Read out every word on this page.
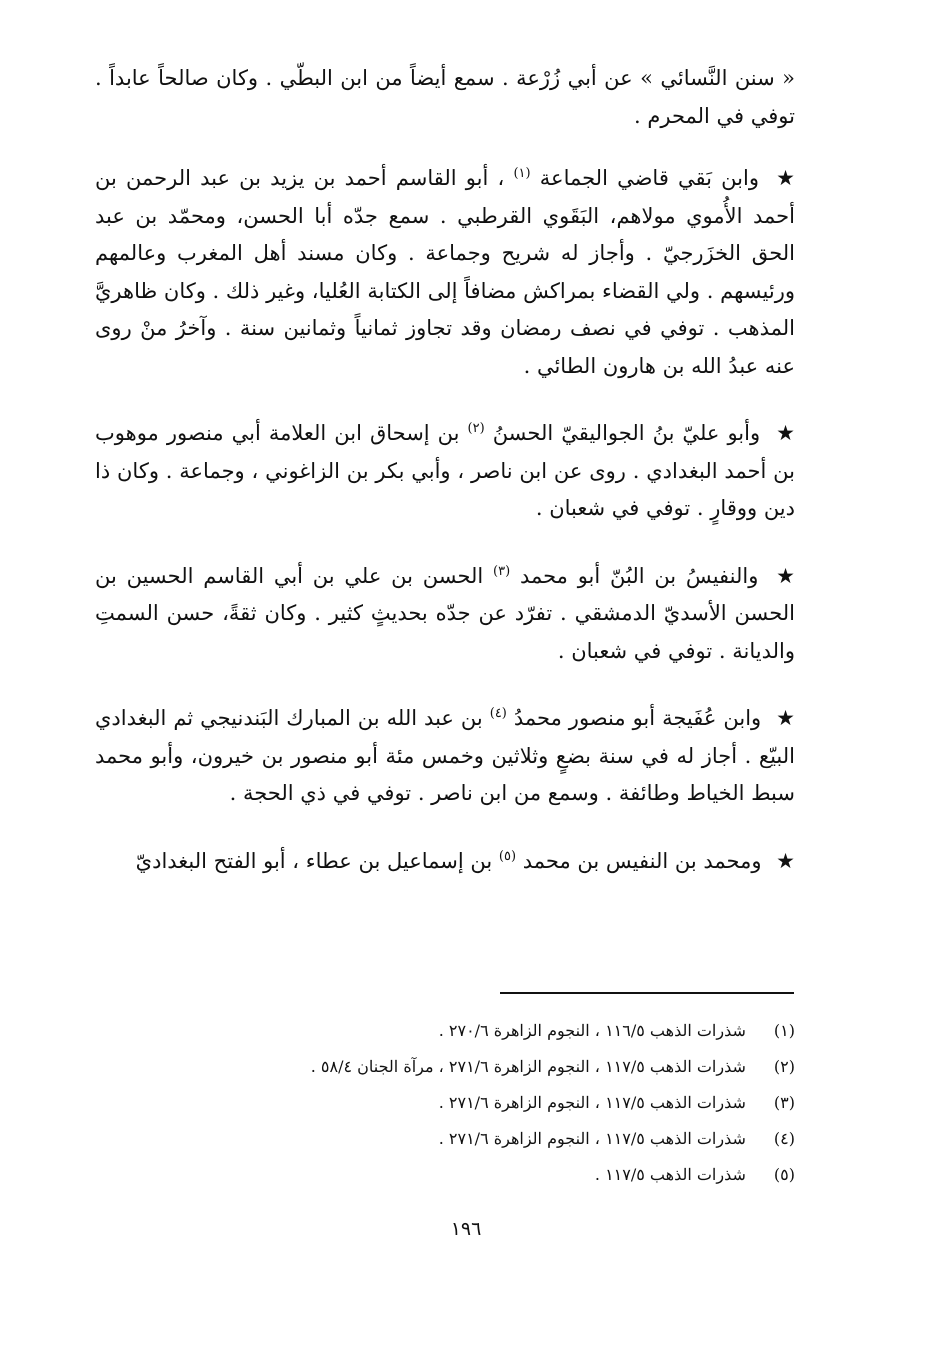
« سنن النَّسائي » عن أبي زُرْعة . سمع أيضاً من ابن البطّي . وكان صالحاً عابداً . توفي في المحرم .

★ وابن بَقي قاضي الجماعة $^{(١)}$ ، أبو القاسم أحمد بن يزيد بن عبد الرحمن بن أحمد الأُموي مولاهم، البَقَوي القرطبي . سمع جدّه أبا الحسن، ومحمّد بن عبد الحق الخزَرجيّ . وأجاز له شريح وجماعة . وكان مسند أهل المغرب وعالمهم ورئيسهم . ولي القضاء بمراكش مضافاً إلى الكتابة العُليا، وغير ذلك . وكان ظاهريَّ المذهب . توفي في نصف رمضان وقد تجاوز ثمانياً وثمانين سنة . وآخرُ منْ روى عنه عبدُ الله بن هارون الطائي .

★ وأبو عليّ بنُ الجواليقيّ الحسنُ $^{(٢)}$ بن إسحاق ابن العلامة أبي منصور موهوب بن أحمد البغدادي . روى عن ابن ناصر ، وأبي بكر بن الزاغوني ، وجماعة . وكان ذا دين ووقارٍ . توفي في شعبان .

★ والنفيسُ بن البُنّ أبو محمد $^{(٣)}$ الحسن بن علي بن أبي القاسم الحسين بن الحسن الأسديّ الدمشقي . تفرّد عن جدّه بحديثٍ كثير . وكان ثقةً، حسن السمتِ والديانة . توفي في شعبان .

★ وابن عُفَيجة أبو منصور محمدُ $^{(٤)}$ بن عبد الله بن المبارك البَندنيجي ثم البغدادي البيّع . أجاز له في سنة بضعٍ وثلاثين وخمس مئة أبو منصور بن خيرون، وأبو محمد سبط الخياط وطائفة . وسمع من ابن ناصر . توفي في ذي الحجة .

★ ومحمد بن النفيس بن محمد $^{(٥)}$ بن إسماعيل بن عطاء ، أبو الفتح البغداديّ

(١) شذرات الذهب ١١٦/٥ ، النجوم الزاهرة ٢٧٠/٦ .
(٢) شذرات الذهب ١١٧/٥ ، النجوم الزاهرة ٢٧١/٦ ، مرآة الجنان ٥٨/٤ .
(٣) شذرات الذهب ١١٧/٥ ، النجوم الزاهرة ٢٧١/٦ .
(٤) شذرات الذهب ١١٧/٥ ، النجوم الزاهرة ٢٧١/٦ .
(٥) شذرات الذهب ١١٧/٥ .
١٩٦
